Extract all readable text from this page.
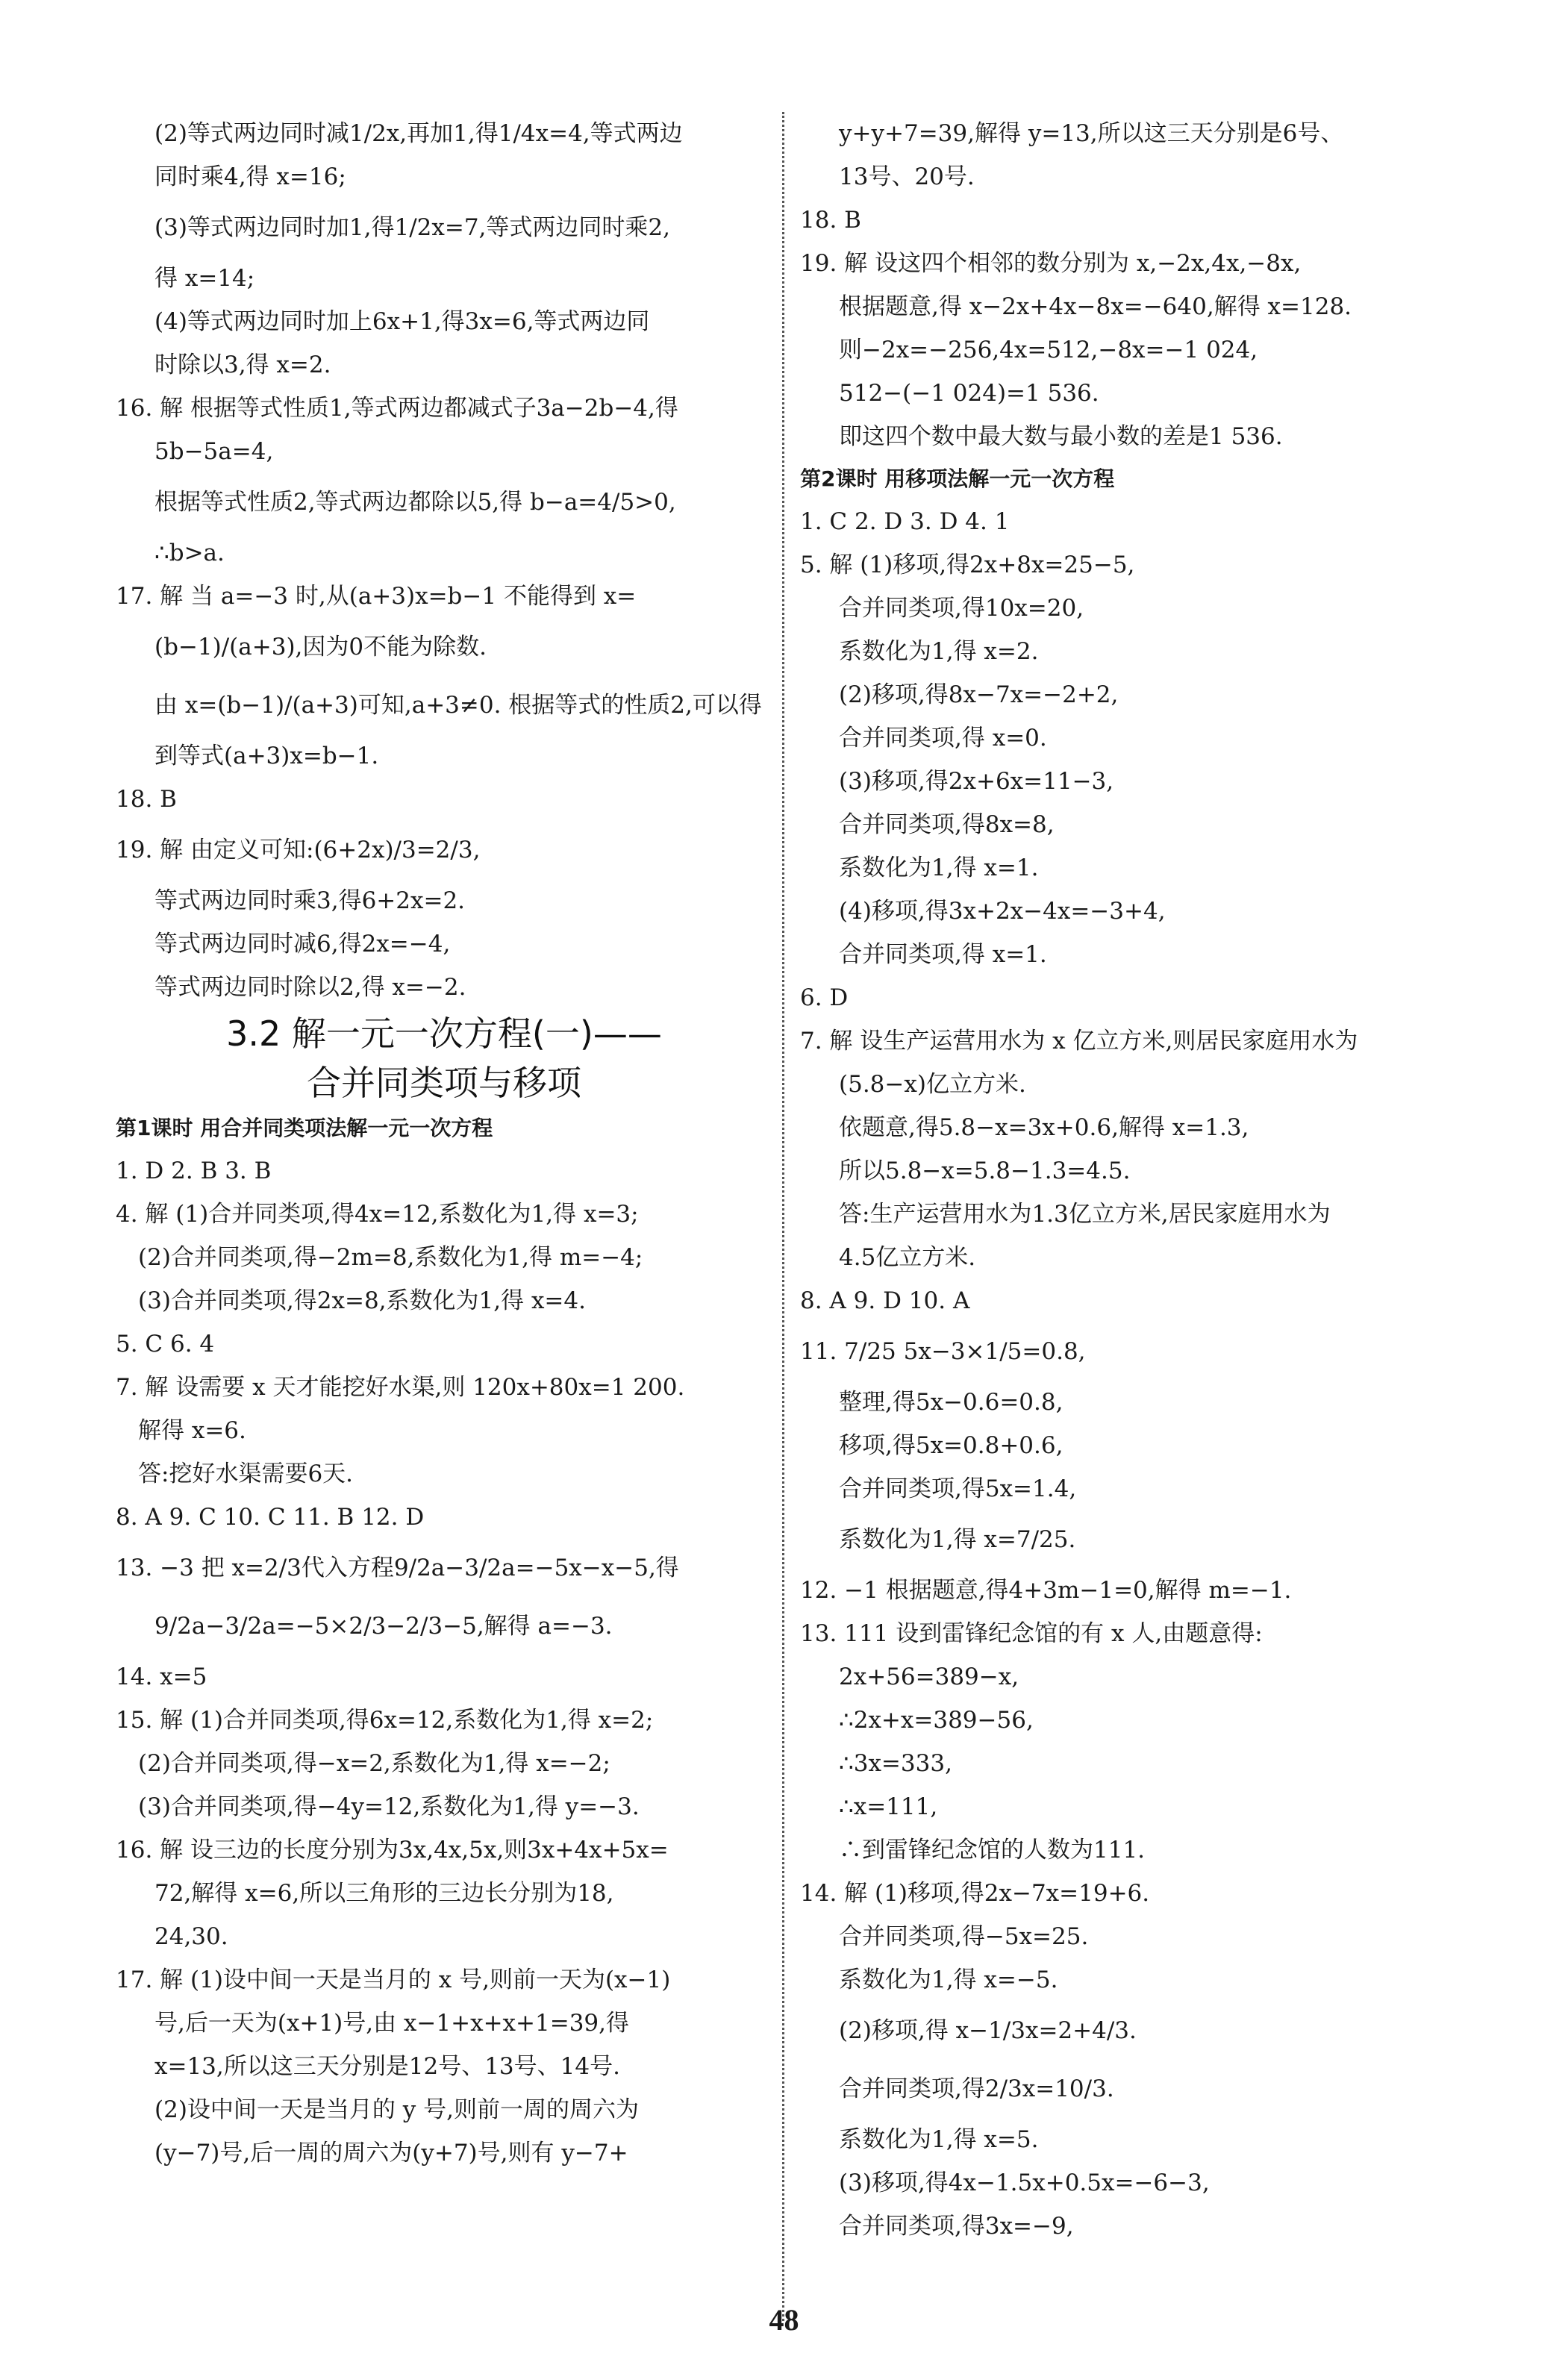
(2)等式两边同时减1/2x,再加1,得1/4x=4,等式两边
同时乘4,得 x=16;
(3)等式两边同时加1,得1/2x=7,等式两边同时乘2,
得 x=14;
(4)等式两边同时加上6x+1,得3x=6,等式两边同
时除以3,得 x=2.
16. 解 根据等式性质1,等式两边都减式子3a−2b−4,得
5b−5a=4,
根据等式性质2,等式两边都除以5,得 b−a=4/5>0,
∴b>a.
17. 解 当 a=−3 时,从(a+3)x=b−1 不能得到 x=
(b−1)/(a+3),因为0不能为除数.
由 x=(b−1)/(a+3)可知,a+3≠0. 根据等式的性质2,可以得
到等式(a+3)x=b−1.
18. B
19. 解 由定义可知:(6+2x)/3=2/3,
等式两边同时乘3,得6+2x=2.
等式两边同时减6,得2x=−4,
等式两边同时除以2,得 x=−2.
3.2 解一元一次方程(一)——
合并同类项与移项
第1课时 用合并同类项法解一元一次方程
1. D 2. B 3. B
4. 解 (1)合并同类项,得4x=12,系数化为1,得 x=3;
(2)合并同类项,得−2m=8,系数化为1,得 m=−4;
(3)合并同类项,得2x=8,系数化为1,得 x=4.
5. C 6. 4
7. 解 设需要 x 天才能挖好水渠,则 120x+80x=1 200.
解得 x=6.
答:挖好水渠需要6天.
8. A 9. C 10. C 11. B 12. D
13. −3 把 x=2/3代入方程9/2a−3/2a=−5x−x−5,得
9/2a−3/2a=−5×2/3−2/3−5,解得 a=−3.
14. x=5
15. 解 (1)合并同类项,得6x=12,系数化为1,得 x=2;
(2)合并同类项,得−x=2,系数化为1,得 x=−2;
(3)合并同类项,得−4y=12,系数化为1,得 y=−3.
16. 解 设三边的长度分别为3x,4x,5x,则3x+4x+5x=
72,解得 x=6,所以三角形的三边长分别为18,
24,30.
17. 解 (1)设中间一天是当月的 x 号,则前一天为(x−1)
号,后一天为(x+1)号,由 x−1+x+x+1=39,得
x=13,所以这三天分别是12号、13号、14号.
(2)设中间一天是当月的 y 号,则前一周的周六为
(y−7)号,后一周的周六为(y+7)号,则有 y−7+
y+y+7=39,解得 y=13,所以这三天分别是6号、
13号、20号.
18. B
19. 解 设这四个相邻的数分别为 x,−2x,4x,−8x,
根据题意,得 x−2x+4x−8x=−640,解得 x=128.
则−2x=−256,4x=512,−8x=−1 024,
512−(−1 024)=1 536.
即这四个数中最大数与最小数的差是1 536.
第2课时 用移项法解一元一次方程
1. C 2. D 3. D 4. 1
5. 解 (1)移项,得2x+8x=25−5,
合并同类项,得10x=20,
系数化为1,得 x=2.
(2)移项,得8x−7x=−2+2,
合并同类项,得 x=0.
(3)移项,得2x+6x=11−3,
合并同类项,得8x=8,
系数化为1,得 x=1.
(4)移项,得3x+2x−4x=−3+4,
合并同类项,得 x=1.
6. D
7. 解 设生产运营用水为 x 亿立方米,则居民家庭用水为
(5.8−x)亿立方米.
依题意,得5.8−x=3x+0.6,解得 x=1.3,
所以5.8−x=5.8−1.3=4.5.
答:生产运营用水为1.3亿立方米,居民家庭用水为
4.5亿立方米.
8. A 9. D 10. A
11. 7/25 5x−3×1/5=0.8,
整理,得5x−0.6=0.8,
移项,得5x=0.8+0.6,
合并同类项,得5x=1.4,
系数化为1,得 x=7/25.
12. −1 根据题意,得4+3m−1=0,解得 m=−1.
13. 111 设到雷锋纪念馆的有 x 人,由题意得:
2x+56=389−x,
∴2x+x=389−56,
∴3x=333,
∴x=111,
∴到雷锋纪念馆的人数为111.
14. 解 (1)移项,得2x−7x=19+6.
合并同类项,得−5x=25.
系数化为1,得 x=−5.
(2)移项,得 x−1/3x=2+4/3.
合并同类项,得2/3x=10/3.
系数化为1,得 x=5.
(3)移项,得4x−1.5x+0.5x=−6−3,
合并同类项,得3x=−9,
48
